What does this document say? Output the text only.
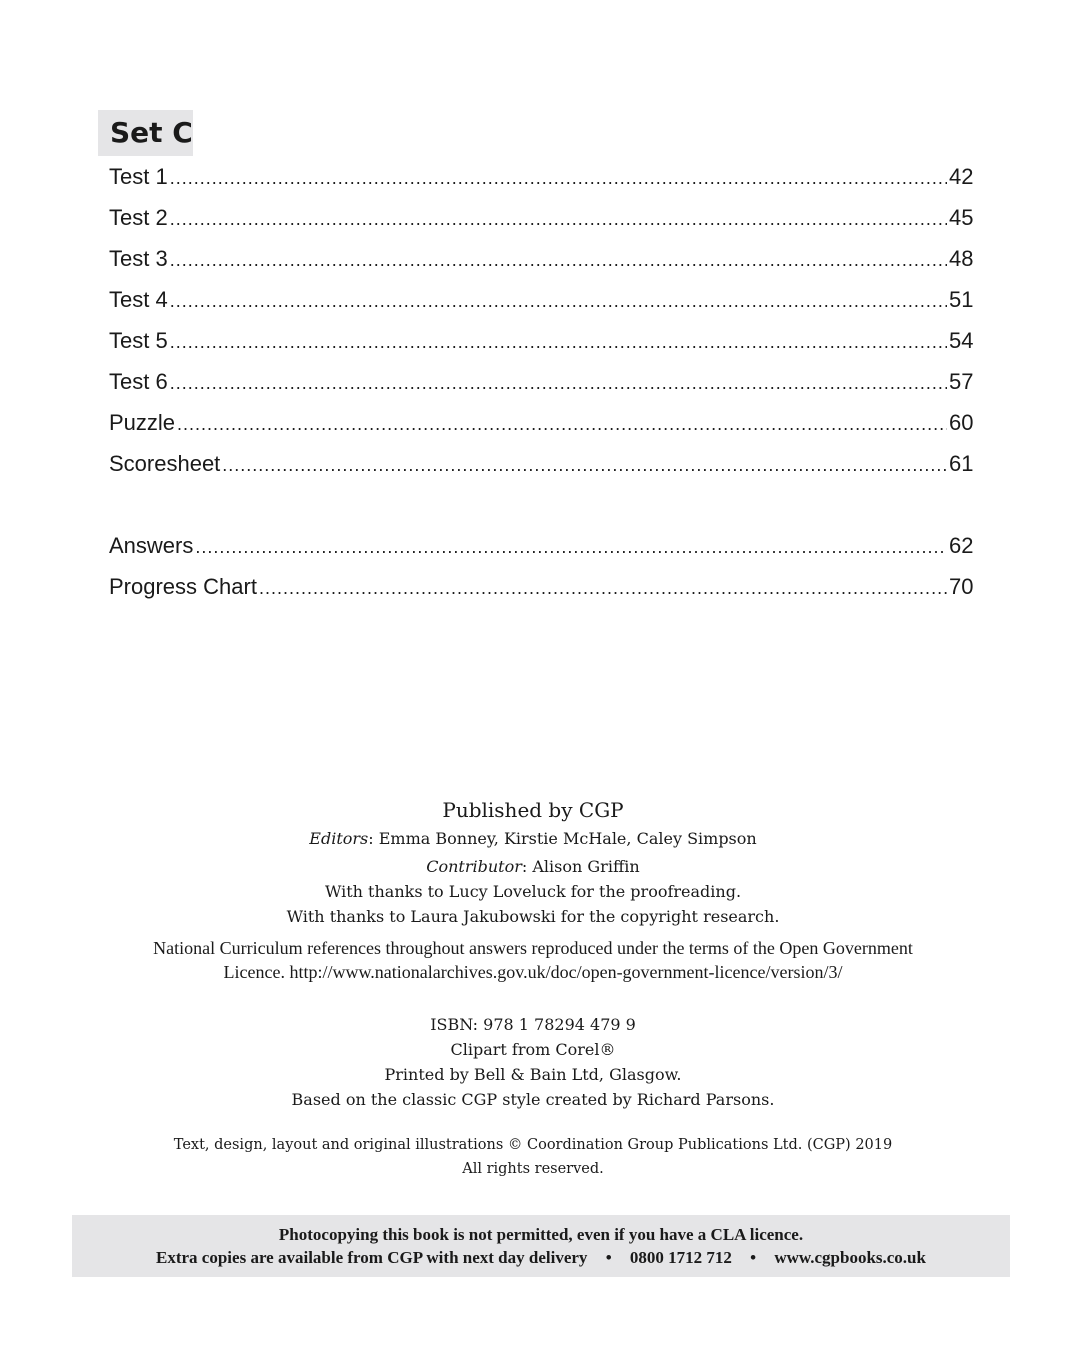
Set C
Test 1 .....	42
Test 2 .....	45
Test 3 .....	48
Test 4 .....	51
Test 5 .....	54
Test 6 .....	57
Puzzle .....	60
Scoresheet .....	61
Answers .....	62
Progress Chart .....	70
Published by CGP
Editors: Emma Bonney, Kirstie McHale, Caley Simpson
Contributor: Alison Griffin
With thanks to Lucy Loveluck for the proofreading.
With thanks to Laura Jakubowski for the copyright research.
National Curriculum references throughout answers reproduced under the terms of the Open Government
Licence. http://www.nationalarchives.gov.uk/doc/open-government-licence/version/3/
ISBN: 978 1 78294 479 9
Clipart from Corel®
Printed by Bell & Bain Ltd, Glasgow.
Based on the classic CGP style created by Richard Parsons.
Text, design, layout and original illustrations © Coordination Group Publications Ltd. (CGP) 2019
All rights reserved.
Photocopying this book is not permitted, even if you have a CLA licence.
Extra copies are available from CGP with next day delivery • 0800 1712 712 • www.cgpbooks.co.uk
